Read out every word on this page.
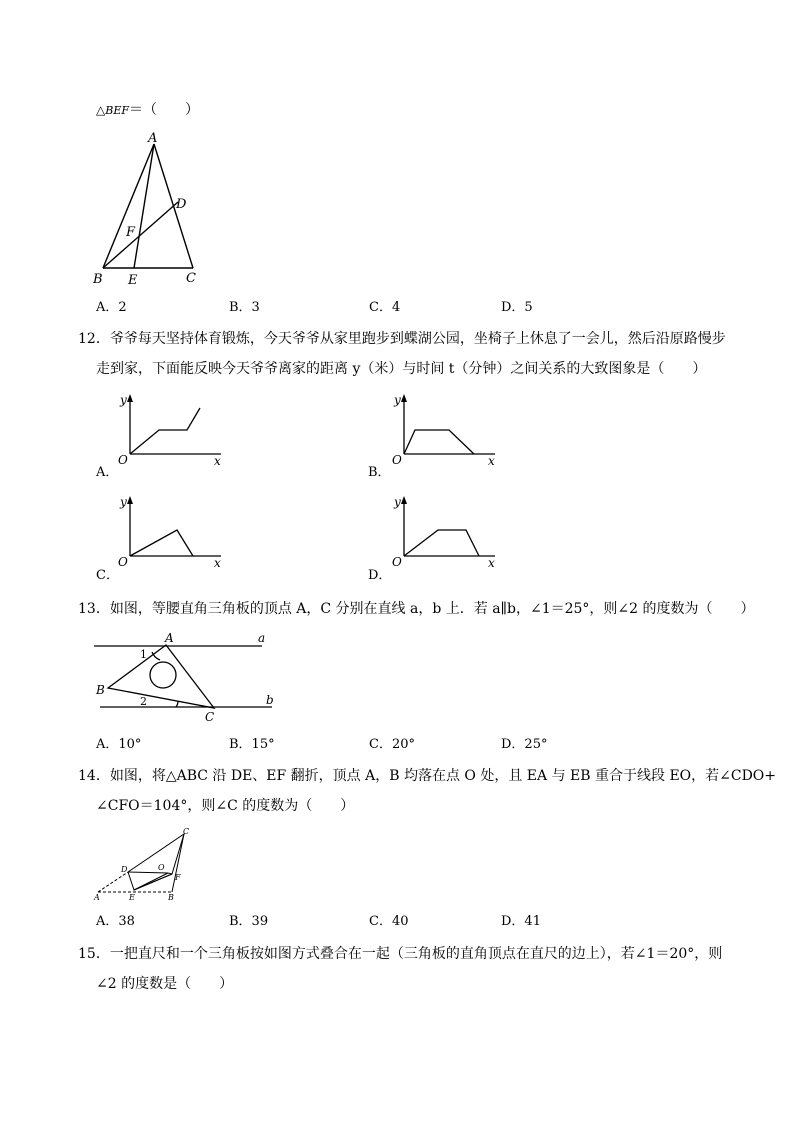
△BEF＝（　　）
A
D
F
B E	C
A．2	B．3	C．4	D．5
12．爷爷每天坚持体育锻炼，今天爷爷从家里跑步到蝶湖公园，坐椅子上休息了一会儿，然后沿原路慢步
走到家，下面能反映今天爷爷离家的距离 y（米）与时间 t（分钟）之间关系的大致图象是（　　）
y
O	x
A．
y
O	x
B．
y
O	x
C．
y
O	x
D．
13．如图，等腰直角三角板的顶点 A，C 分别在直线 a，b 上．若 a∥b，∠1＝25°，则∠2 的度数为（　　）
A	a
1
B
2
C
b
A．10°	B．15°	C．20°	D．25°
14．如图，将△ABC 沿 DE、EF 翻折，顶点 A，B 均落在点 O 处，且 EA 与 EB 重合于线段 EO，若∠CDO+
∠CFO＝104°，则∠C 的度数为（　　）
C
D	O
F
A	E	B
A．38	B．39	C．40	D．41
15．一把直尺和一个三角板按如图方式叠合在一起（三角板的直角顶点在直尺的边上），若∠1＝20°，则
∠2 的度数是（　　）
